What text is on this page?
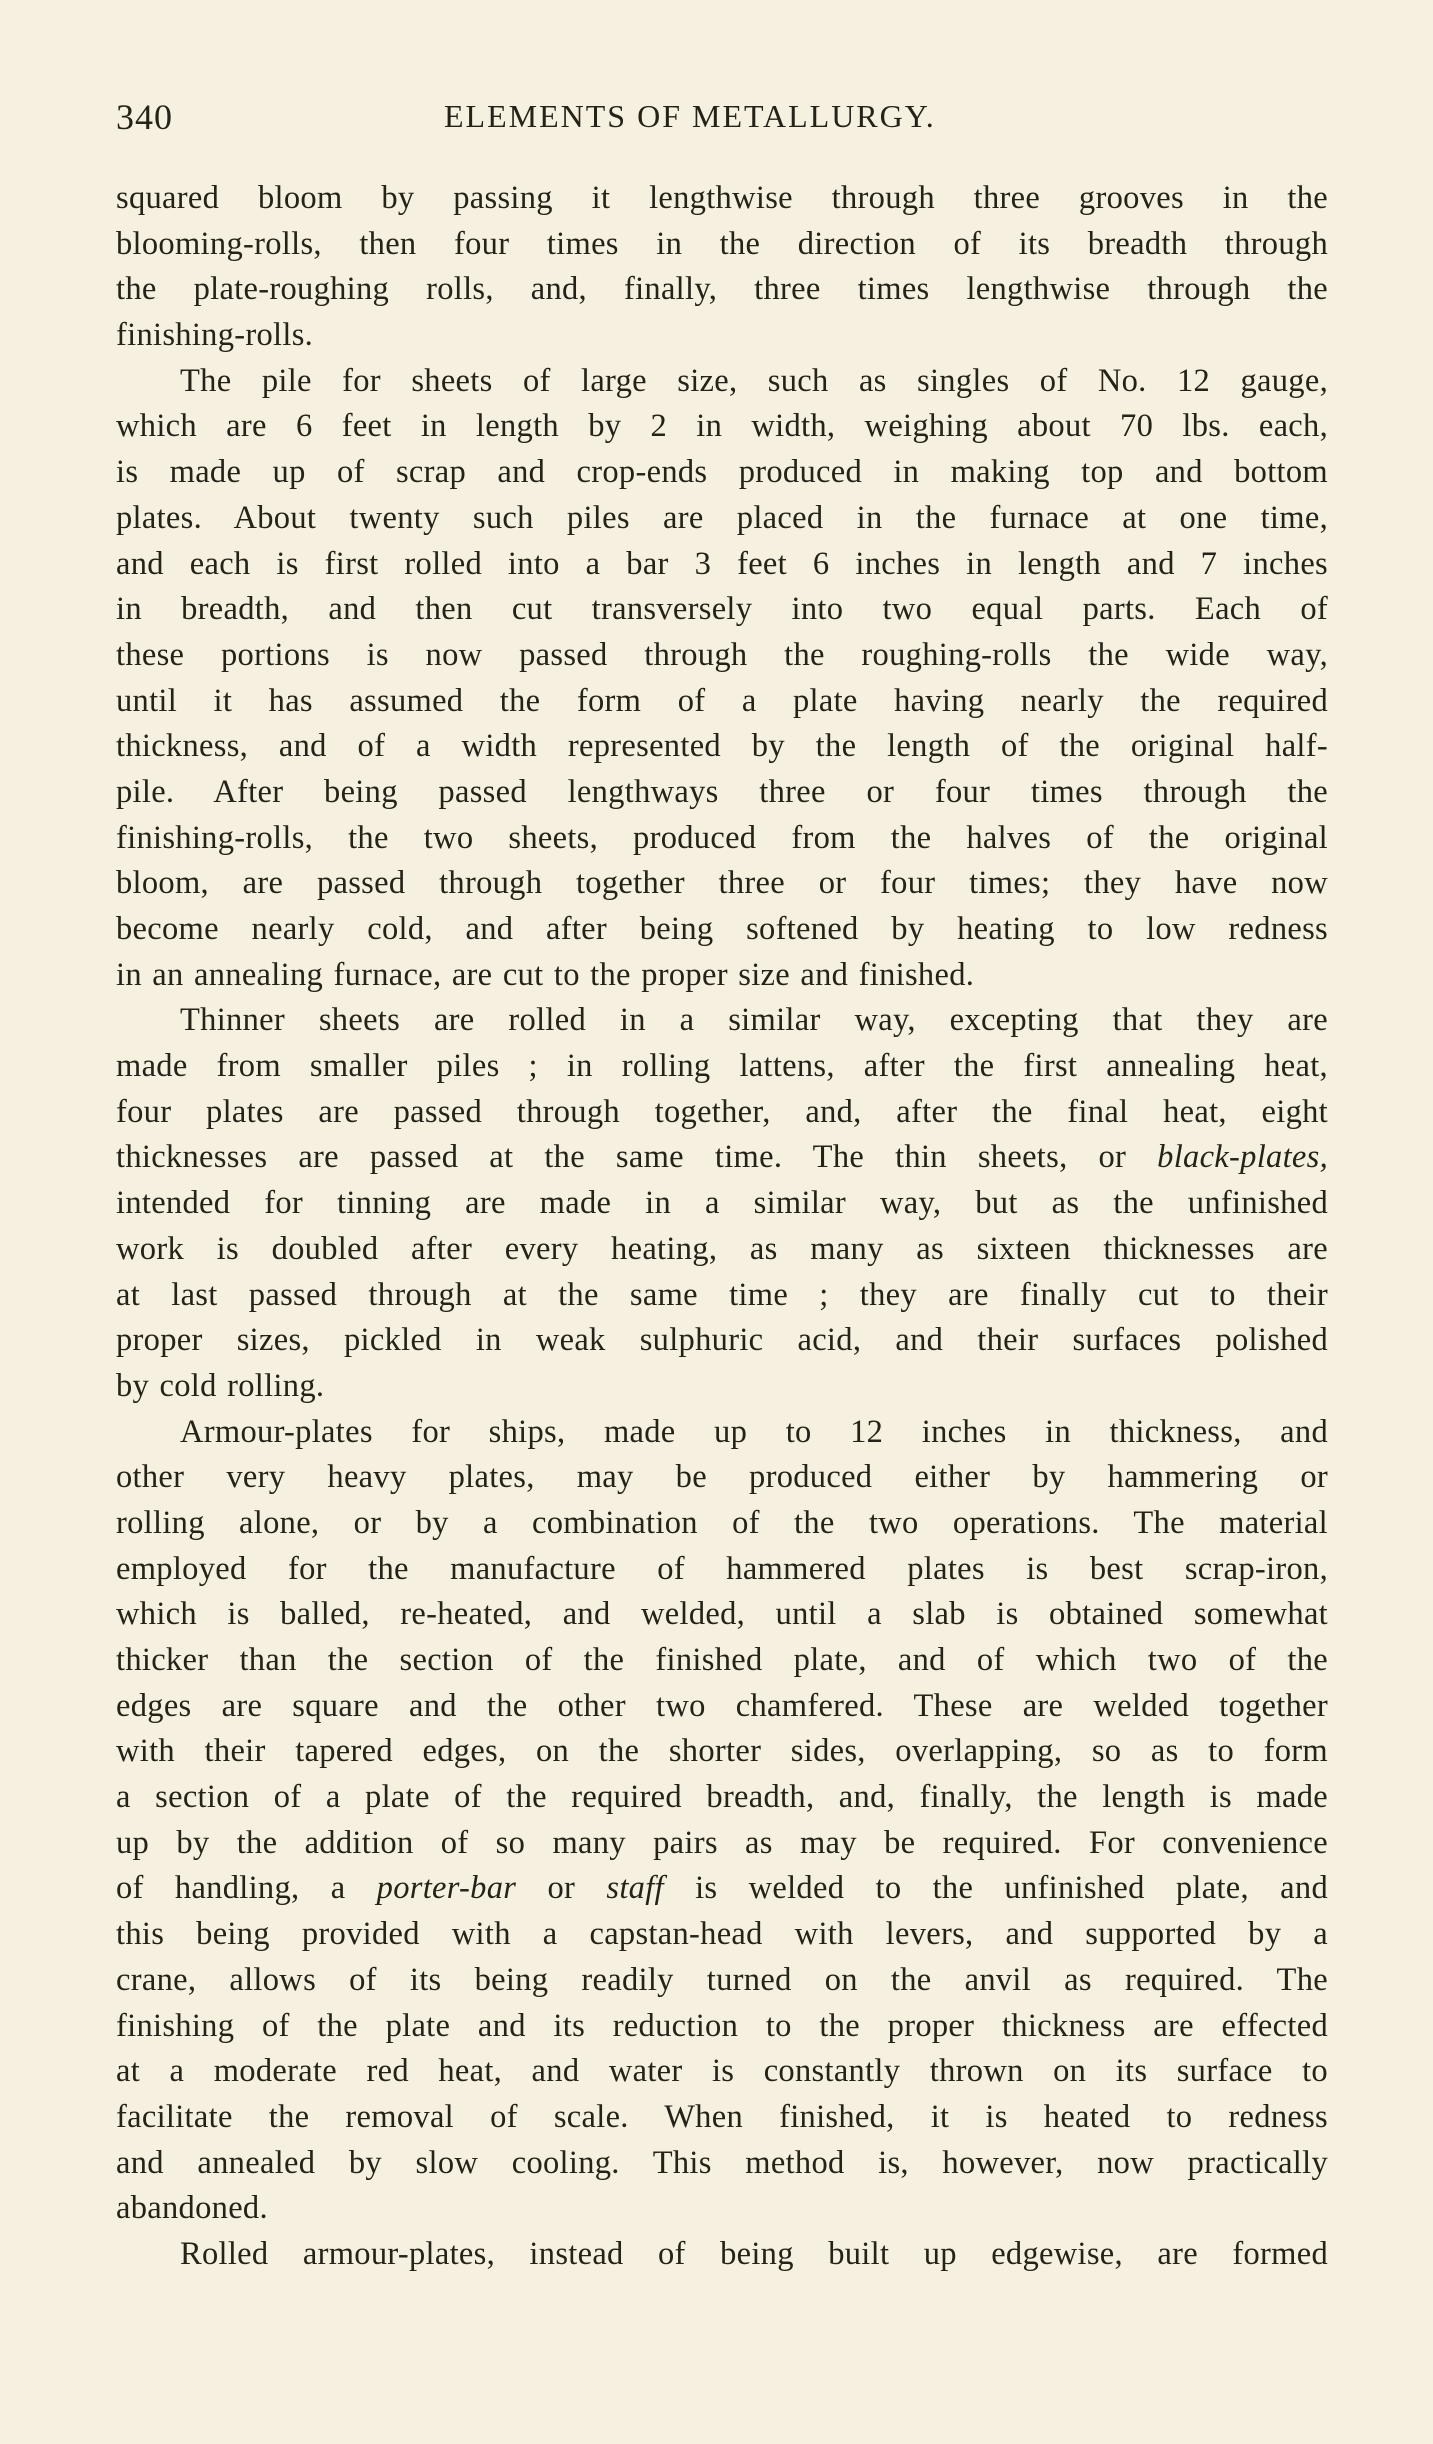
340	ELEMENTS OF METALLURGY.
squared bloom by passing it lengthwise through three grooves in the
blooming-rolls, then four times in the direction of its breadth through
the plate-roughing rolls, and, finally, three times lengthwise through the
finishing-rolls.
The pile for sheets of large size, such as singles of No. 12 gauge,
which are 6 feet in length by 2 in width, weighing about 70 lbs. each,
is made up of scrap and crop-ends produced in making top and bottom
plates. About twenty such piles are placed in the furnace at one time,
and each is first rolled into a bar 3 feet 6 inches in length and 7 inches
in breadth, and then cut transversely into two equal parts. Each of
these portions is now passed through the roughing-rolls the wide way,
until it has assumed the form of a plate having nearly the required
thickness, and of a width represented by the length of the original half-
pile. After being passed lengthways three or four times through the
finishing-rolls, the two sheets, produced from the halves of the original
bloom, are passed through together three or four times; they have now
become nearly cold, and after being softened by heating to low redness
in an annealing furnace, are cut to the proper size and finished.
Thinner sheets are rolled in a similar way, excepting that they are
made from smaller piles ; in rolling lattens, after the first annealing heat,
four plates are passed through together, and, after the final heat, eight
thicknesses are passed at the same time. The thin sheets, or black-plates,
intended for tinning are made in a similar way, but as the unfinished
work is doubled after every heating, as many as sixteen thicknesses are
at last passed through at the same time ; they are finally cut to their
proper sizes, pickled in weak sulphuric acid, and their surfaces polished
by cold rolling.
Armour-plates for ships, made up to 12 inches in thickness, and
other very heavy plates, may be produced either by hammering or
rolling alone, or by a combination of the two operations. The material
employed for the manufacture of hammered plates is best scrap-iron,
which is balled, re-heated, and welded, until a slab is obtained somewhat
thicker than the section of the finished plate, and of which two of the
edges are square and the other two chamfered. These are welded together
with their tapered edges, on the shorter sides, overlapping, so as to form
a section of a plate of the required breadth, and, finally, the length is made
up by the addition of so many pairs as may be required. For convenience
of handling, a porter-bar or staff is welded to the unfinished plate, and
this being provided with a capstan-head with levers, and supported by a
crane, allows of its being readily turned on the anvil as required. The
finishing of the plate and its reduction to the proper thickness are effected
at a moderate red heat, and water is constantly thrown on its surface to
facilitate the removal of scale. When finished, it is heated to redness
and annealed by slow cooling. This method is, however, now practically
abandoned.
Rolled armour-plates, instead of being built up edgewise, are formed
